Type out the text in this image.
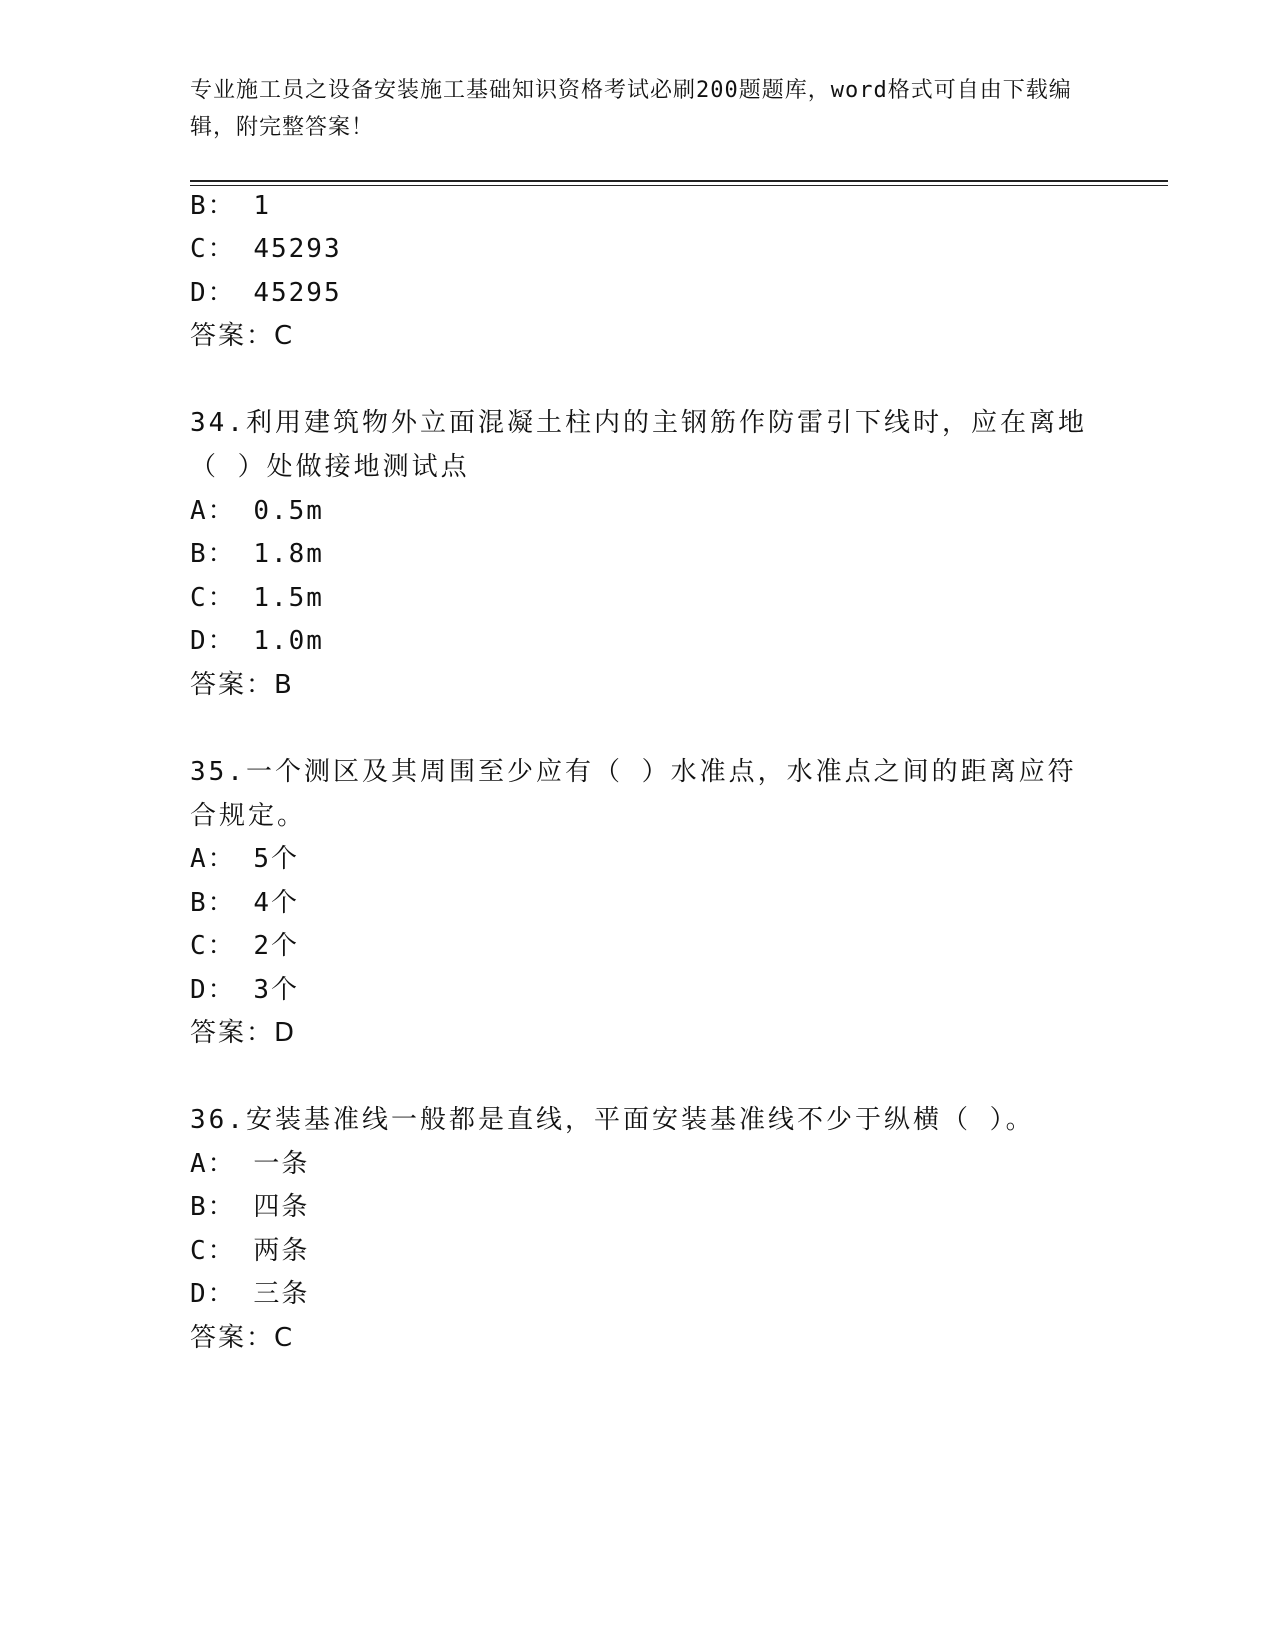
专业施工员之设备安装施工基础知识资格考试必刷200题题库，word格式可自由下载编辑，附完整答案！
B： 1
C： 45293
D： 45295
答案：C
34.利用建筑物外立面混凝土柱内的主钢筋作防雷引下线时，应在离地（ ）处做接地测试点
A： 0.5m
B： 1.8m
C： 1.5m
D： 1.0m
答案：B
35.一个测区及其周围至少应有（ ）水准点，水准点之间的距离应符合规定。
A： 5个
B： 4个
C： 2个
D： 3个
答案：D
36.安装基准线一般都是直线，平面安装基准线不少于纵横（ ）。
A： 一条
B： 四条
C： 两条
D： 三条
答案：C
